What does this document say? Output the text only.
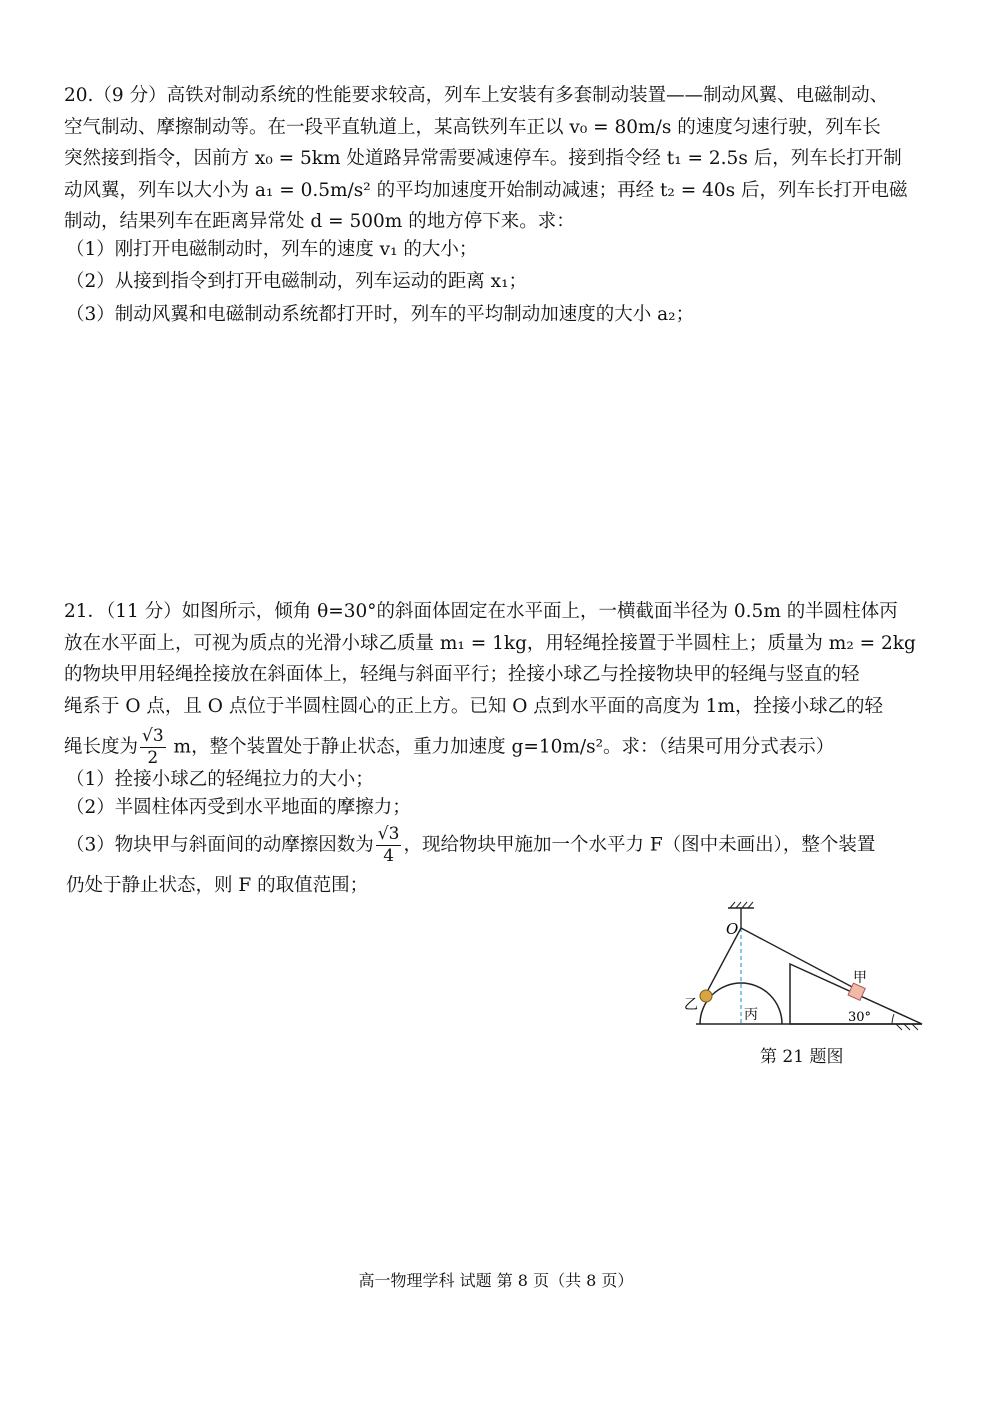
20.（9 分）高铁对制动系统的性能要求较高，列车上安装有多套制动装置——制动风翼、电磁制动、
空气制动、摩擦制动等。在一段平直轨道上，某高铁列车正以 v₀ = 80m/s 的速度匀速行驶，列车长
突然接到指令，因前方 x₀ = 5km 处道路异常需要减速停车。接到指令经 t₁ = 2.5s 后，列车长打开制
动风翼，列车以大小为 a₁ = 0.5m/s² 的平均加速度开始制动减速；再经 t₂ = 40s 后，列车长打开电磁
制动，结果列车在距离异常处 d = 500m 的地方停下来。求：
（1）刚打开电磁制动时，列车的速度 v₁ 的大小；
（2）从接到指令到打开电磁制动，列车运动的距离 x₁；
（3）制动风翼和电磁制动系统都打开时，列车的平均制动加速度的大小 a₂；
21．（11 分）如图所示，倾角 θ=30°的斜面体固定在水平面上，一横截面半径为 0.5m 的半圆柱体丙
放在水平面上，可视为质点的光滑小球乙质量 m₁ = 1kg，用轻绳拴接置于半圆柱上；质量为 m₂ = 2kg
的物块甲用轻绳拴接放在斜面体上，轻绳与斜面平行；拴接小球乙与拴接物块甲的轻绳与竖直的轻
绳系于 O 点，且 O 点位于半圆柱圆心的正上方。已知 O 点到水平面的高度为 1m，拴接小球乙的轻
绳长度为 $\frac{√3}{2}$ m，整个装置处于静止状态，重力加速度 g=10m/s²。求：（结果可用分式表示）
（1）拴接小球乙的轻绳拉力的大小；
（2）半圆柱体丙受到水平地面的摩擦力；
（3）物块甲与斜面间的动摩擦因数为 $\frac{√3}{4}$ ，现给物块甲施加一个水平力 F（图中未画出），整个装置
仍处于静止状态，则 F 的取值范围；
O
乙
丙
甲
30°
第 21 题图
高一物理学科 试题 第 8 页（共 8 页）
